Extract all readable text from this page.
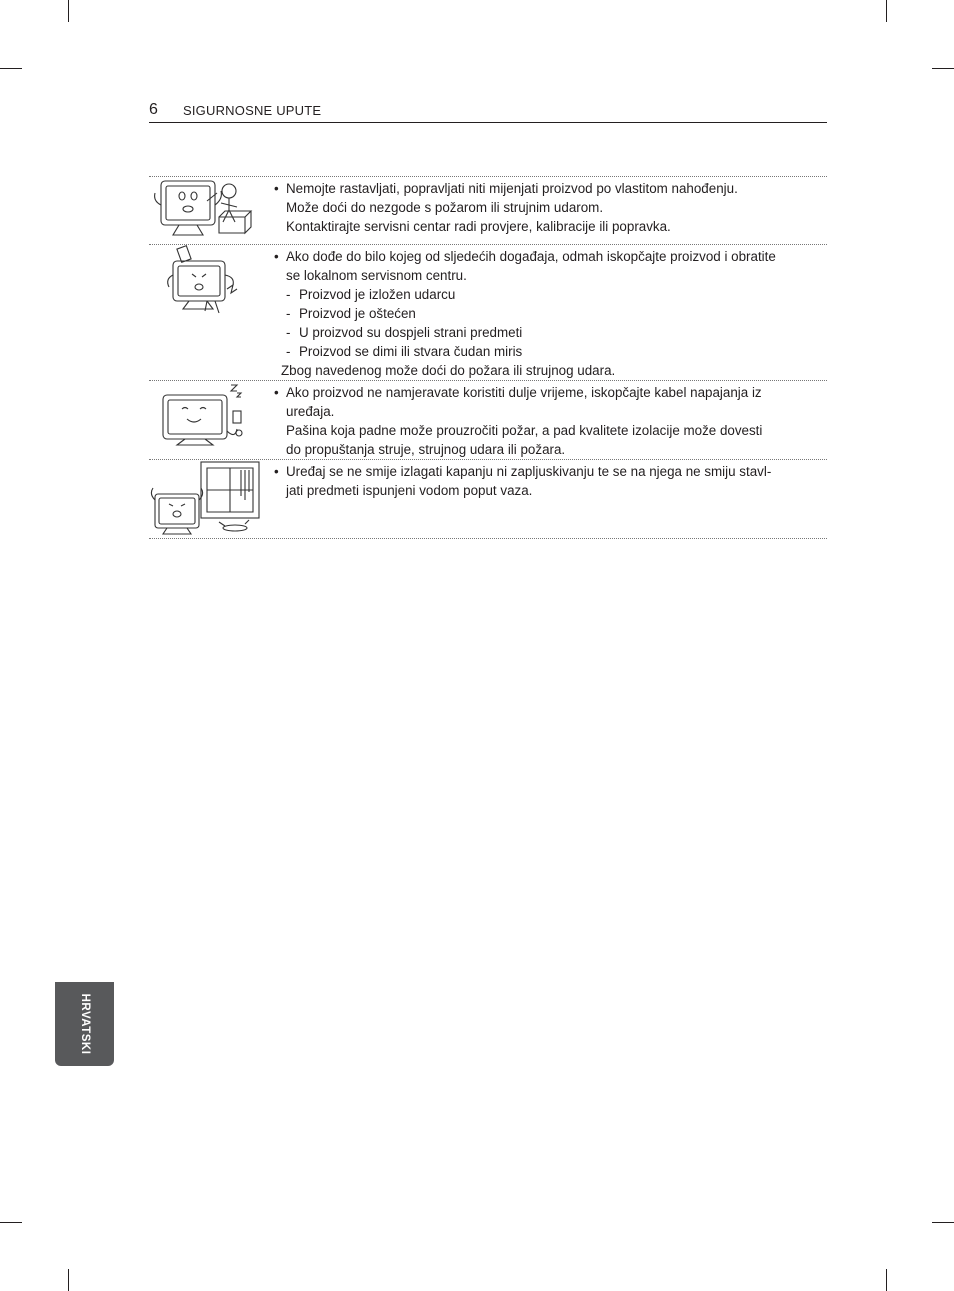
6 SIGURNOSNE UPUTE
• Nemojte rastavljati, popravljati niti mijenjati proizvod po vlastitom nahođenju.
Može doći do nezgode s požarom ili strujnim udarom.
Kontaktirajte servisni centar radi provjere, kalibracije ili popravka.
• Ako dođe do bilo kojeg od sljedećih događaja, odmah iskopčajte proizvod i obratite
se lokalnom servisnom centru.
- Proizvod je izložen udarcu
- Proizvod je oštećen
- U proizvod su dospjeli strani predmeti
- Proizvod se dimi ili stvara čudan miris
Zbog navedenog može doći do požara ili strujnog udara.
• Ako proizvod ne namjeravate koristiti dulje vrijeme, iskopčajte kabel napajanja iz
uređaja.
Pašina koja padne može prouzročiti požar, a pad kvalitete izolacije može dovesti
do propuštanja struje, strujnog udara ili požara.
• Uređaj se ne smije izlagati kapanju ni zapljuskivanju te se na njega ne smiju stavl-
jati predmeti ispunjeni vodom poput vaza.
HRVATSKI
